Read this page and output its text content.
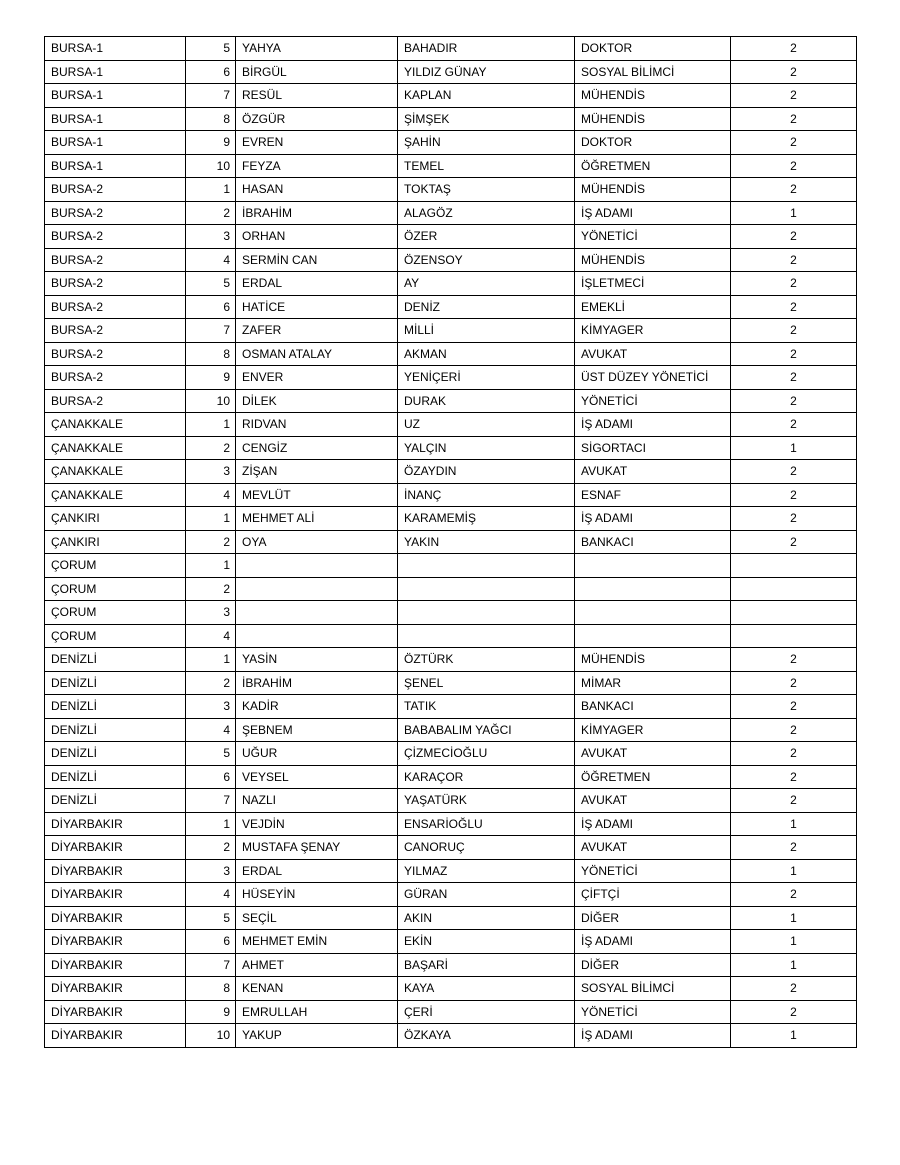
BURSA-1	5	YAHYA	BAHADIR	DOKTOR	2
BURSA-1	6	BİRGÜL	YILDIZ GÜNAY	SOSYAL BİLİMCİ	2
BURSA-1	7	RESÜL	KAPLAN	MÜHENDİS	2
BURSA-1	8	ÖZGÜR	ŞİMŞEK	MÜHENDİS	2
BURSA-1	9	EVREN	ŞAHİN	DOKTOR	2
BURSA-1	10	FEYZA	TEMEL	ÖĞRETMEN	2
BURSA-2	1	HASAN	TOKTAŞ	MÜHENDİS	2
BURSA-2	2	İBRAHİM	ALAGÖZ	İŞ ADAMI	1
BURSA-2	3	ORHAN	ÖZER	YÖNETİCİ	2
BURSA-2	4	SERMİN CAN	ÖZENSOY	MÜHENDİS	2
BURSA-2	5	ERDAL	AY	İŞLETMECİ	2
BURSA-2	6	HATİCE	DENİZ	EMEKLİ	2
BURSA-2	7	ZAFER	MİLLİ	KİMYAGER	2
BURSA-2	8	OSMAN ATALAY	AKMAN	AVUKAT	2
BURSA-2	9	ENVER	YENİÇERİ	ÜST DÜZEY YÖNETİCİ	2
BURSA-2	10	DİLEK	DURAK	YÖNETİCİ	2
ÇANAKKALE	1	RIDVAN	UZ	İŞ ADAMI	2
ÇANAKKALE	2	CENGİZ	YALÇIN	SİGORTACI	1
ÇANAKKALE	3	ZİŞAN	ÖZAYDIN	AVUKAT	2
ÇANAKKALE	4	MEVLÜT	İNANÇ	ESNAF	2
ÇANKIRI	1	MEHMET ALİ	KARAMEMİŞ	İŞ ADAMI	2
ÇANKIRI	2	OYA	YAKIN	BANKACI	2
ÇORUM	1				
ÇORUM	2				
ÇORUM	3				
ÇORUM	4				
DENİZLİ	1	YASİN	ÖZTÜRK	MÜHENDİS	2
DENİZLİ	2	İBRAHİM	ŞENEL	MİMAR	2
DENİZLİ	3	KADİR	TATIK	BANKACI	2
DENİZLİ	4	ŞEBNEM	BABABALIM YAĞCI	KİMYAGER	2
DENİZLİ	5	UĞUR	ÇİZMECİOĞLU	AVUKAT	2
DENİZLİ	6	VEYSEL	KARAÇOR	ÖĞRETMEN	2
DENİZLİ	7	NAZLI	YAŞATÜRK	AVUKAT	2
DİYARBAKIR	1	VEJDİN	ENSARİOĞLU	İŞ ADAMI	1
DİYARBAKIR	2	MUSTAFA ŞENAY	CANORUÇ	AVUKAT	2
DİYARBAKIR	3	ERDAL	YILMAZ	YÖNETİCİ	1
DİYARBAKIR	4	HÜSEYİN	GÜRAN	ÇİFTÇİ	2
DİYARBAKIR	5	SEÇİL	AKIN	DİĞER	1
DİYARBAKIR	6	MEHMET EMİN	EKİN	İŞ ADAMI	1
DİYARBAKIR	7	AHMET	BAŞARİ	DİĞER	1
DİYARBAKIR	8	KENAN	KAYA	SOSYAL BİLİMCİ	2
DİYARBAKIR	9	EMRULLAH	ÇERİ	YÖNETİCİ	2
DİYARBAKIR	10	YAKUP	ÖZKAYA	İŞ ADAMI	1
